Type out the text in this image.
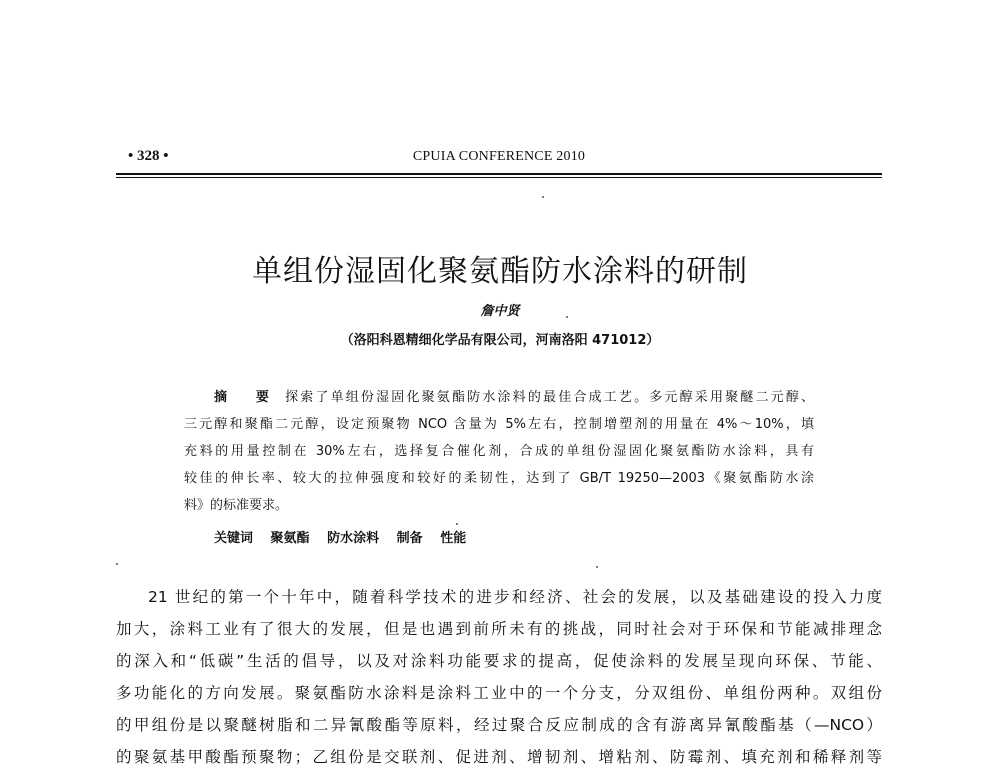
• 328 •	CPUIA CONFERENCE 2010
单组份湿固化聚氨酯防水涂料的研制
詹中贤
（洛阳科恩精细化学品有限公司，河南洛阳 471012）
摘 要 探索了单组份湿固化聚氨酯防水涂料的最佳合成工艺。多元醇采用聚醚二元醇、
三元醇和聚酯二元醇，设定预聚物 NCO 含量为 5%左右，控制增塑剂的用量在 4%～10%，填
充料的用量控制在 30%左右，选择复合催化剂，合成的单组份湿固化聚氨酯防水涂料，具有
较佳的伸长率、较大的拉伸强度和较好的柔韧性，达到了 GB/T 19250—2003《聚氨酯防水涂
料》的标准要求。
关键词 聚氨酯 防水涂料 制备 性能
21 世纪的第一个十年中，随着科学技术的进步和经济、社会的发展，以及基础建设的投入力度
加大，涂料工业有了很大的发展，但是也遇到前所未有的挑战，同时社会对于环保和节能减排理念
的深入和“低碳”生活的倡导，以及对涂料功能要求的提高，促使涂料的发展呈现向环保、节能、
多功能化的方向发展。聚氨酯防水涂料是涂料工业中的一个分支，分双组份、单组份两种。双组份
的甲组份是以聚醚树脂和二异氰酸酯等原料，经过聚合反应制成的含有游离异氰酸酯基（—NCO）
的聚氨基甲酸酯预聚物；乙组份是交联剂、促进剂、增韧剂、增粘剂、防霉剂、填充剂和稀释剂等
